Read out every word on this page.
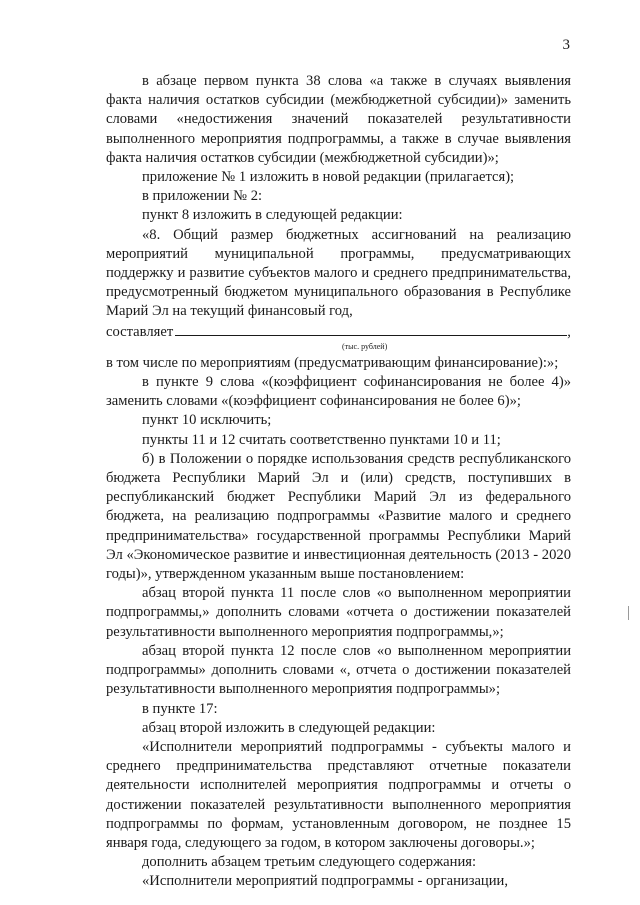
3

в абзаце первом пункта 38 слова «а также в случаях выявления факта наличия остатков субсидии (межбюджетной субсидии)» заменить словами «недостижения значений показателей результативности выполненного мероприятия подпрограммы, а также в случае выявления факта наличия остатков субсидии (межбюджетной субсидии)»;

приложение № 1 изложить в новой редакции (прилагается);

в приложении № 2:

пункт 8 изложить в следующей редакции:

«8. Общий размер бюджетных ассигнований на реализацию мероприятий муниципальной программы, предусматривающих поддержку и развитие субъектов малого и среднего предпринимательства, предусмотренный бюджетом муниципального образования в Республике Марий Эл на текущий финансовый год,

составляет	,

(тыс. рублей)

в том числе по мероприятиям (предусматривающим финансирование):»;

в пункте 9 слова «(коэффициент софинансирования не более 4)» заменить словами «(коэффициент софинансирования не более 6)»;

пункт 10 исключить;

пункты 11 и 12 считать соответственно пунктами 10 и 11;

б) в Положении о порядке использования средств республиканского бюджета Республики Марий Эл и (или) средств, поступивших в республиканский бюджет Республики Марий Эл из федерального бюджета, на реализацию подпрограммы «Развитие малого и среднего предпринимательства» государственной программы Республики Марий Эл «Экономическое развитие и инвестиционная деятельность (2013 - 2020 годы)», утвержденном указанным выше постановлением:

абзац второй пункта 11 после слов «о выполненном мероприятии подпрограммы,» дополнить словами «отчета о достижении показателей результативности выполненного мероприятия подпрограммы,»;

абзац второй пункта 12 после слов «о выполненном мероприятии подпрограммы» дополнить словами «, отчета о достижении показателей результативности выполненного мероприятия подпрограммы»;

в пункте 17:

абзац второй изложить в следующей редакции:

«Исполнители мероприятий подпрограммы - субъекты малого и среднего предпринимательства представляют отчетные показатели деятельности исполнителей мероприятия подпрограммы и отчеты о достижении показателей результативности выполненного мероприятия подпрограммы по формам, установленным договором, не позднее 15 января года, следующего за годом, в котором заключены договоры.»;

дополнить абзацем третьим следующего содержания:

«Исполнители мероприятий подпрограммы - организации,
